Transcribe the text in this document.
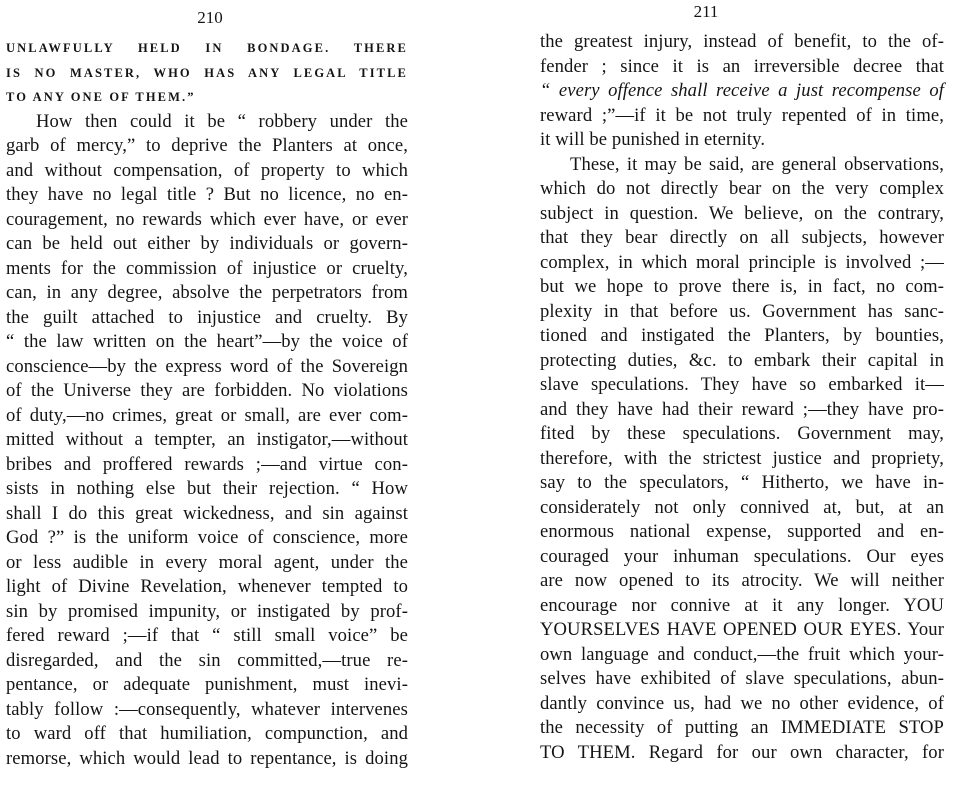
210
UNLAWFULLY HELD IN BONDAGE. THERE
IS NO MASTER, WHO HAS ANY LEGAL TITLE
TO ANY ONE OF THEM.”
How then could it be “ robbery under the
garb of mercy,” to deprive the Planters at once,
and without compensation, of property to which
they have no legal title ? But no licence, no en-
couragement, no rewards which ever have, or ever
can be held out either by individuals or govern-
ments for the commission of injustice or cruelty,
can, in any degree, absolve the perpetrators from
the guilt attached to injustice and cruelty. By
“ the law written on the heart”—by the voice of
conscience—by the express word of the Sovereign
of the Universe they are forbidden. No violations
of duty,—no crimes, great or small, are ever com-
mitted without a tempter, an instigator,—without
bribes and proffered rewards ;—and virtue con-
sists in nothing else but their rejection. “ How
shall I do this great wickedness, and sin against
God ?” is the uniform voice of conscience, more
or less audible in every moral agent, under the
light of Divine Revelation, whenever tempted to
sin by promised impunity, or instigated by prof-
fered reward ;—if that “ still small voice” be
disregarded, and the sin committed,—true re-
pentance, or adequate punishment, must inevi-
tably follow :—consequently, whatever intervenes
to ward off that humiliation, compunction, and
remorse, which would lead to repentance, is doing
211
the greatest injury, instead of benefit, to the of-
fender ; since it is an irreversible decree that
“ every offence shall receive a just recompense of
reward ;”—if it be not truly repented of in time,
it will be punished in eternity.
These, it may be said, are general observations,
which do not directly bear on the very complex
subject in question. We believe, on the contrary,
that they bear directly on all subjects, however
complex, in which moral principle is involved ;—
but we hope to prove there is, in fact, no com-
plexity in that before us. Government has sanc-
tioned and instigated the Planters, by bounties,
protecting duties, &c. to embark their capital in
slave speculations. They have so embarked it—
and they have had their reward ;—they have pro-
fited by these speculations. Government may,
therefore, with the strictest justice and propriety,
say to the speculators, “ Hitherto, we have in-
considerately not only connived at, but, at an
enormous national expense, supported and en-
couraged your inhuman speculations. Our eyes
are now opened to its atrocity. We will neither
encourage nor connive at it any longer. YOU
YOURSELVES HAVE OPENED OUR EYES. Your
own language and conduct,—the fruit which your-
selves have exhibited of slave speculations, abun-
dantly convince us, had we no other evidence, of
the necessity of putting an IMMEDIATE STOP
TO THEM. Regard for our own character, for
